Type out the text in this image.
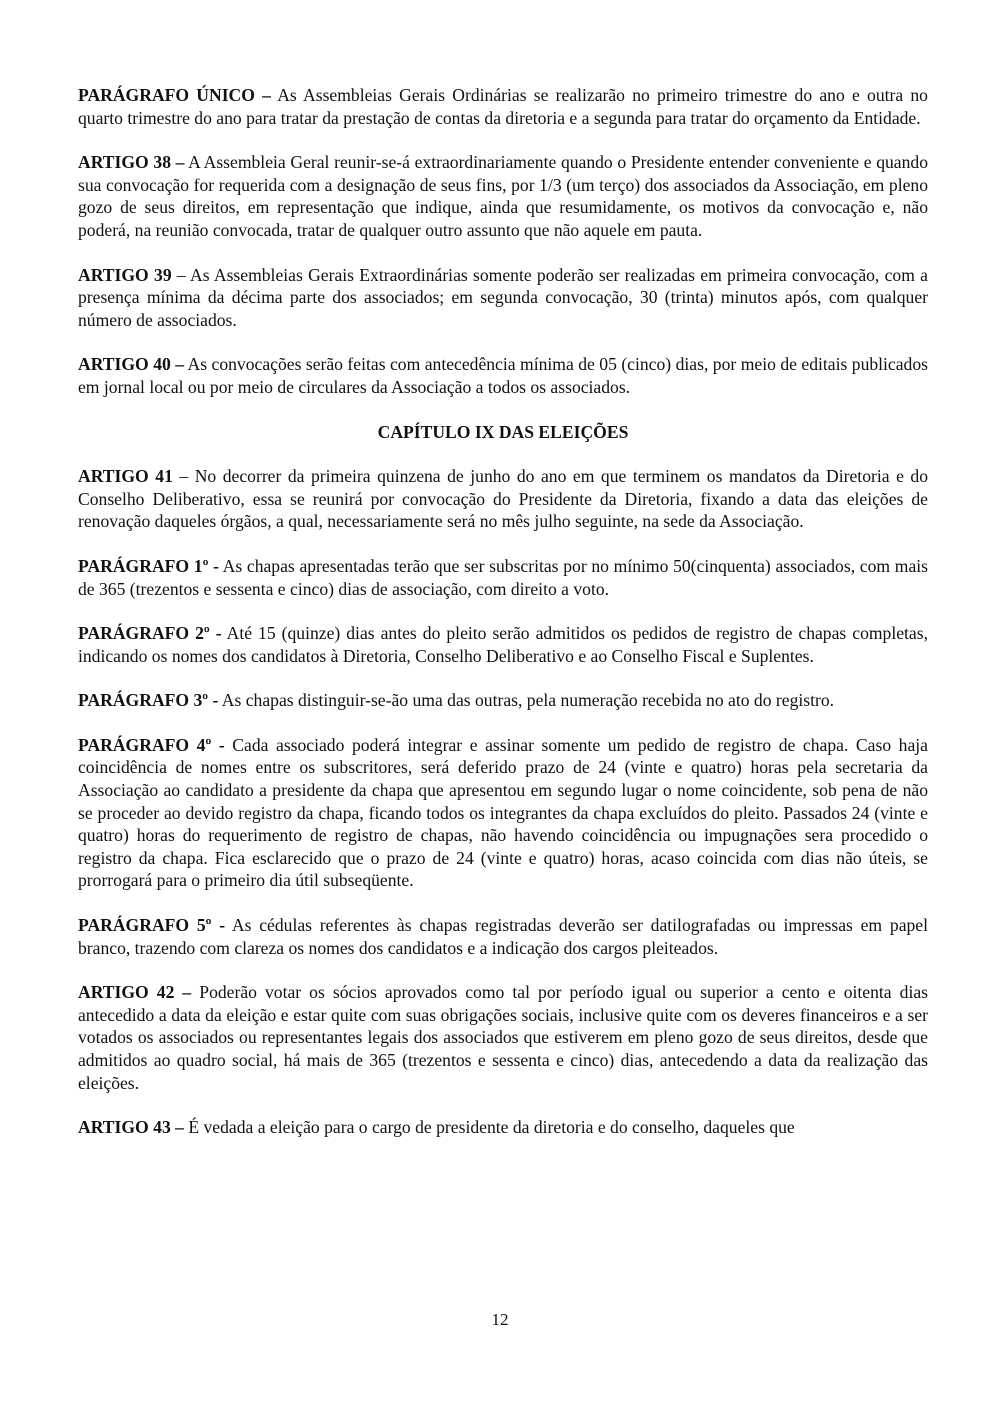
PARÁGRAFO ÚNICO – As Assembleias Gerais Ordinárias se realizarão no primeiro trimestre do ano e outra no quarto trimestre do ano para tratar da prestação de contas da diretoria e a segunda para tratar do orçamento da Entidade.

ARTIGO 38 – A Assembleia Geral reunir-se-á extraordinariamente quando o Presidente entender conveniente e quando sua convocação for requerida com a designação de seus fins, por 1/3 (um terço) dos associados da Associação, em pleno gozo de seus direitos, em representação que indique, ainda que resumidamente, os motivos da convocação e, não poderá, na reunião convocada, tratar de qualquer outro assunto que não aquele em pauta.

ARTIGO 39 – As Assembleias Gerais Extraordinárias somente poderão ser realizadas em primeira convocação, com a presença mínima da décima parte dos associados; em segunda convocação, 30 (trinta) minutos após, com qualquer número de associados.

ARTIGO 40 – As convocações serão feitas com antecedência mínima de 05 (cinco) dias, por meio de editais publicados em jornal local ou por meio de circulares da Associação a todos os associados.

CAPÍTULO IX DAS ELEIÇÕES

ARTIGO 41 – No decorrer da primeira quinzena de junho do ano em que terminem os mandatos da Diretoria e do Conselho Deliberativo, essa se reunirá por convocação do Presidente da Diretoria, fixando a data das eleições de renovação daqueles órgãos, a qual, necessariamente será no mês julho seguinte, na sede da Associação.

PARÁGRAFO 1º - As chapas apresentadas terão que ser subscritas por no mínimo 50(cinquenta) associados, com mais de 365 (trezentos e sessenta e cinco) dias de associação, com direito a voto.

PARÁGRAFO 2º - Até 15 (quinze) dias antes do pleito serão admitidos os pedidos de registro de chapas completas, indicando os nomes dos candidatos à Diretoria, Conselho Deliberativo e ao Conselho Fiscal e Suplentes.

PARÁGRAFO 3º - As chapas distinguir-se-ão uma das outras, pela numeração recebida no ato do registro.

PARÁGRAFO 4º - Cada associado poderá integrar e assinar somente um pedido de registro de chapa. Caso haja coincidência de nomes entre os subscritores, será deferido prazo de 24 (vinte e quatro) horas pela secretaria da Associação ao candidato a presidente da chapa que apresentou em segundo lugar o nome coincidente, sob pena de não se proceder ao devido registro da chapa, ficando todos os integrantes da chapa excluídos do pleito. Passados 24 (vinte e quatro) horas do requerimento de registro de chapas, não havendo coincidência ou impugnações sera procedido o registro da chapa. Fica esclarecido que o prazo de 24 (vinte e quatro) horas, acaso coincida com dias não úteis, se prorrogará para o primeiro dia útil subseqüente.

PARÁGRAFO 5º - As cédulas referentes às chapas registradas deverão ser datilografadas ou impressas em papel branco, trazendo com clareza os nomes dos candidatos e a indicação dos cargos pleiteados.

ARTIGO 42 – Poderão votar os sócios aprovados como tal por período igual ou superior a cento e oitenta dias antecedido a data da eleição e estar quite com suas obrigações sociais, inclusive quite com os deveres financeiros e a ser votados os associados ou representantes legais dos associados que estiverem em pleno gozo de seus direitos, desde que admitidos ao quadro social, há mais de 365 (trezentos e sessenta e cinco) dias, antecedendo a data da realização das eleições.

ARTIGO 43 – É vedada a eleição para o cargo de presidente da diretoria e do conselho, daqueles que

12
